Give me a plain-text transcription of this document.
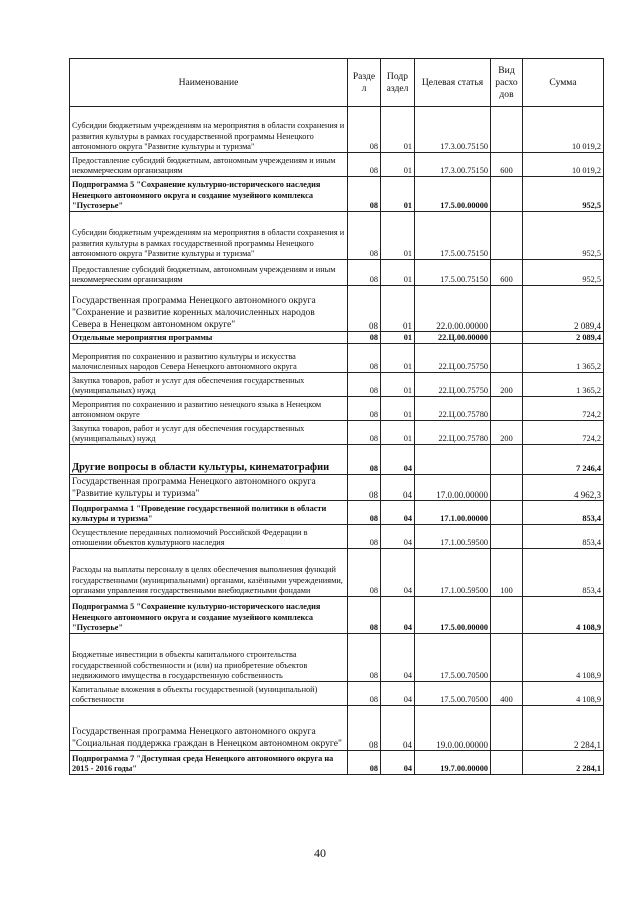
Наименование	Разде л	Подр аздел	Целевая статья	Вид расхо дов	Сумма
Субсидии бюджетным учреждениям на мероприятия в области сохранения и развития культуры в рамках государственной программы Ненецкого автономного округа "Развитие культуры и туризма"	08	01	17.3.00.75150		10 019,2
Предоставление субсидий бюджетным, автономным учреждениям и иным некоммерческим организациям	08	01	17.3.00.75150	600	10 019,2
Подпрограмма 5 "Сохранение культурно-исторического наследия Ненецкого автономного округа и создание музейного комплекса "Пустозерье"	08	01	17.5.00.00000		952,5
Субсидии бюджетным учреждениям на мероприятия в области сохранения и развития культуры в рамках государственной программы Ненецкого автономного округа "Развитие культуры и туризма"	08	01	17.5.00.75150		952,5
Предоставление субсидий бюджетным, автономным учреждениям и иным некоммерческим организациям	08	01	17.5.00.75150	600	952,5
Государственная программа Ненецкого автономного округа "Сохранение и развитие коренных малочисленных народов Севера в Ненецком автономном округе"	08	01	22.0.00.00000		2 089,4
Отдельные мероприятия программы	08	01	22.Ц.00.00000		2 089,4
Мероприятия по сохранению и развитию культуры и искусства малочисленных народов Севера Ненецкого автономного округа	08	01	22.Ц.00.75750		1 365,2
Закупка товаров, работ и услуг для обеспечения государственных (муниципальных) нужд	08	01	22.Ц.00.75750	200	1 365,2
Мероприятия по сохранению и развитию ненецкого языка в Ненецком автономном округе	08	01	22.Ц.00.75780		724,2
Закупка товаров, работ и услуг для обеспечения государственных (муниципальных) нужд	08	01	22.Ц.00.75780	200	724,2
Другие вопросы в области культуры, кинематографии	08	04			7 246,4
Государственная программа Ненецкого автономного округа "Развитие культуры и туризма"	08	04	17.0.00.00000		4 962,3
Подпрограмма 1 "Проведение государственной политики в области культуры и туризма"	08	04	17.1.00.00000		853,4
Осуществление переданных полномочий Российской Федерации в отношении объектов культурного наследия	08	04	17.1.00.59500		853,4
Расходы на выплаты персоналу в целях обеспечения выполнения функций государственными (муниципальными) органами, казёнными учреждениями, органами управления государственными внебюджетными фондами	08	04	17.1.00.59500	100	853,4
Подпрограмма 5 "Сохранение культурно-исторического наследия Ненецкого автономного округа и создание музейного комплекса "Пустозерье"	08	04	17.5.00.00000		4 108,9
Бюджетные инвестиции в объекты капитального строительства государственной собственности и (или) на приобретение объектов недвижимого имущества в государственную собственность	08	04	17.5.00.70500		4 108,9
Капитальные вложения в объекты государственной (муниципальной) собственности	08	04	17.5.00.70500	400	4 108,9
Государственная программа Ненецкого автономного округа "Социальная поддержка граждан в Ненецком автономном округе"	08	04	19.0.00.00000		2 284,1
Подпрограмма 7 "Доступная среда Ненецкого автономного округа на 2015 - 2016 годы"	08	04	19.7.00.00000		2 284,1
40
